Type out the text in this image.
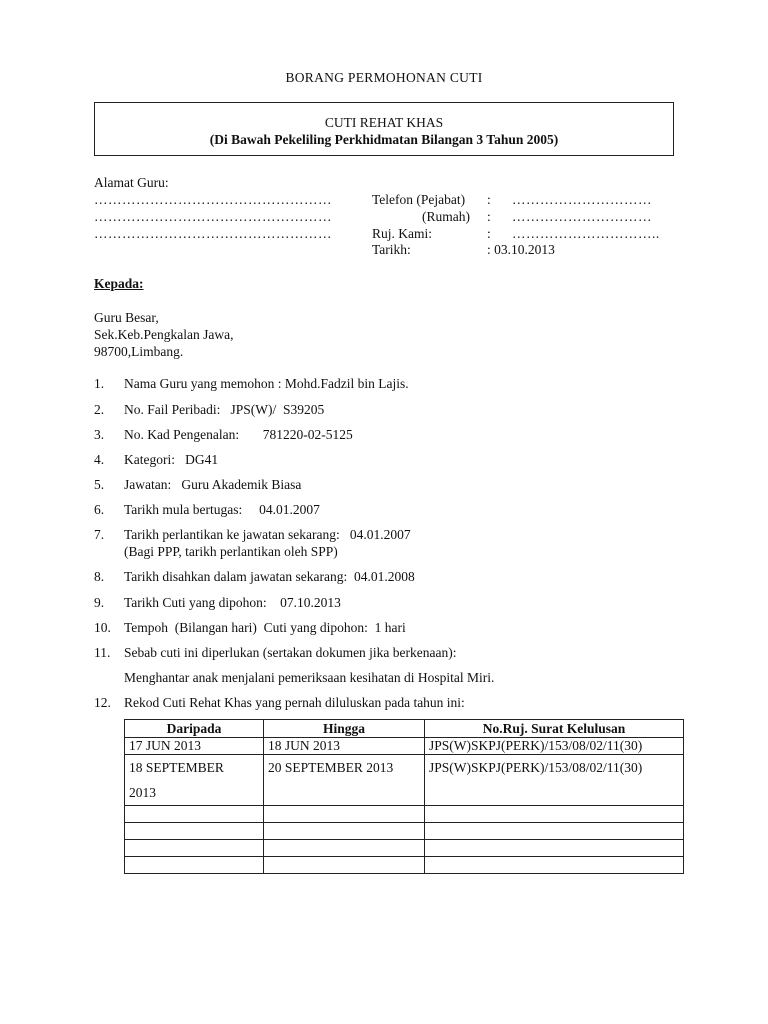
BORANG PERMOHONAN CUTI
CUTI REHAT KHAS
(Di Bawah Pekeliling Perkhidmatan Bilangan 3 Tahun 2005)
Alamat Guru:
……………………………………………
……………………………………………
……………………………………………
Telefon (Pejabat) : …………………………
(Rumah) : …………………………
Ruj. Kami:	: …………………………..
Tarikh:	: 03.10.2013
Kepada:
Guru Besar,
Sek.Keb.Pengkalan Jawa,
98700,Limbang.
1. Nama Guru yang memohon : Mohd.Fadzil bin Lajis.
2. No. Fail Peribadi:   JPS(W)/  S39205
3. No. Kad Pengenalan:       781220-02-5125
4. Kategori:   DG41
5. Jawatan:   Guru Akademik Biasa
6. Tarikh mula bertugas:     04.01.2007
7. Tarikh perlantikan ke jawatan sekarang:   04.01.2007
(Bagi PPP, tarikh perlantikan oleh SPP)
8. Tarikh disahkan dalam jawatan sekarang:  04.01.2008
9. Tarikh Cuti yang dipohon:    07.10.2013
10. Tempoh  (Bilangan hari)  Cuti yang dipohon:  1 hari
11. Sebab cuti ini diperlukan (sertakan dokumen jika berkenaan):
Menghantar anak menjalani pemeriksaan kesihatan di Hospital Miri.
12. Rekod Cuti Rehat Khas yang pernah diluluskan pada tahun ini:
Daripada	Hingga	No.Ruj. Surat Kelulusan
17 JUN 2013	18 JUN 2013	JPS(W)SKPJ(PERK)/153/08/02/11(30)
18 SEPTEMBER
2013	20 SEPTEMBER 2013	JPS(W)SKPJ(PERK)/153/08/02/11(30)
